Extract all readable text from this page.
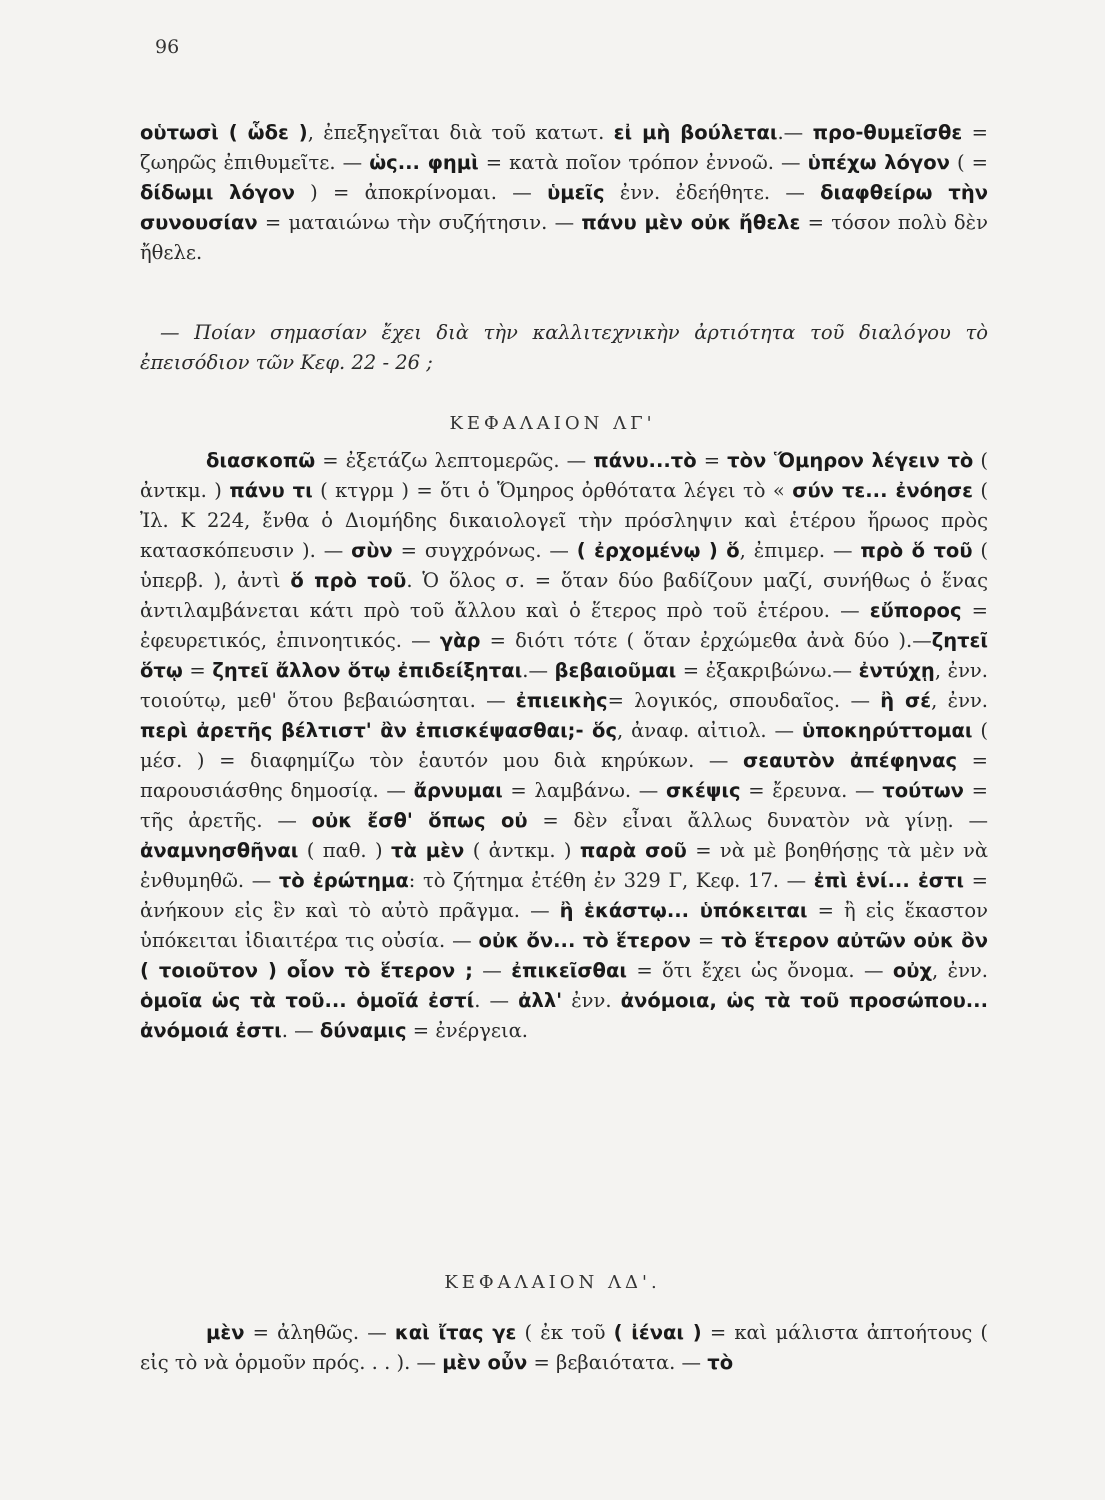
96

οὑτωσὶ ( ὧδε ), ἐπεξηγεῖται διὰ τοῦ κατωτ. εἰ μὴ βούλεται.— προ-θυμεῖσθε = ζωηρῶς ἐπιθυμεῖτε. — ὡς... φημὶ = κατὰ ποῖον τρόπον ἐννοῶ. — ὑπέχω λόγον ( = δίδωμι λόγον ) = ἀποκρίνομαι. — ὑμεῖς ἐνν. ἐδεήθητε. — διαφθείρω τὴν συνουσίαν = ματαιώνω τὴν συζήτησιν. — πάνυ μὲν οὐκ ἤθελε = τόσον πολὺ δὲν ἤθελε.

— Ποίαν σημασίαν ἔχει διὰ τὴν καλλιτεχνικὴν ἀρτιότητα τοῦ διαλόγου τὸ ἐπεισόδιον τῶν Κεφ. 22 - 26 ;

ΚΕΦΑΛΑΙΟΝ ΛΓ'

διασκοπῶ = ἐξετάζω λεπτομερῶς. — πάνυ...τὸ = τὸν Ὅμηρον λέγειν τὸ ( ἀντκμ. ) πάνυ τι ( κτγρμ ) = ὅτι ὁ Ὅμηρος ὀρθότατα λέγει τὸ « σύν τε... ἐνόησε ( Ἰλ. Κ 224, ἔνθα ὁ Διομήδης δικαιολογεῖ τὴν πρόσληψιν καὶ ἑτέρου ἥρωος πρὸς κατασκόπευσιν ). — σὺν = συγχρόνως. — ( ἐρχομένῳ ) ὅ, ἐπιμερ. — πρὸ ὅ τοῦ ( ὑπερβ. ), ἀντὶ ὅ πρὸ τοῦ. Ὁ ὅλος σ. = ὅταν δύο βαδίζουν μαζί, συνήθως ὁ ἕνας ἀντιλαμβάνεται κάτι πρὸ τοῦ ἄλλου καὶ ὁ ἕτερος πρὸ τοῦ ἑτέρου. — εὔπορος = ἐφευρετικός, ἐπινοητικός. — γὰρ = διότι τότε ( ὅταν ἐρχώμεθα ἀνὰ δύο ).—ζητεῖ ὅτῳ = ζητεῖ ἄλλον ὅτῳ ἐπιδείξηται.— βεβαιοῦμαι = ἐξακριβώνω.— ἐντύχῃ, ἐνν. τοιούτῳ, μεθ' ὅτου βεβαιώσηται. — ἐπιεικὴς= λογικός, σπουδαῖος. — ἢ σέ, ἐνν. περὶ ἀρετῆς βέλτιστ' ἂν ἐπισκέψασθαι;- ὅς, ἀναφ. αἰτιολ. — ὑποκηρύττομαι ( μέσ. ) = διαφημίζω τὸν ἑαυτόν μου διὰ κηρύκων. — σεαυτὸν ἀπέφηνας = παρουσιάσθης δημοσίᾳ. — ἄρνυμαι = λαμβάνω. — σκέψις = ἔρευνα. — τούτων = τῆς ἀρετῆς. — οὐκ ἔσθ' ὅπως οὐ = δὲν εἶναι ἄλλως δυνατὸν νὰ γίνῃ. — ἀναμνησθῆναι ( παθ. ) τὰ μὲν ( ἀντκμ. ) παρὰ σοῦ = νὰ μὲ βοηθήσῃς τὰ μὲν νὰ ἐνθυμηθῶ. — τὸ ἐρώτημα: τὸ ζήτημα ἐτέθη ἐν 329 Γ, Κεφ. 17. — ἐπὶ ἑνί... ἐστι = ἀνήκουν εἰς ἓν καὶ τὸ αὐτὸ πρᾶγμα. — ἢ ἑκάστῳ... ὑπόκειται = ἢ εἰς ἕκαστον ὑπόκειται ἰδιαιτέρα τις οὐσία. — οὐκ ὄν... τὸ ἕτερον = τὸ ἕτερον αὐτῶν οὐκ ὂν ( τοιοῦτον ) οἷον τὸ ἕτερον ; — ἐπικεῖσθαι = ὅτι ἔχει ὡς ὄνομα. — οὐχ, ἐνν. ὁμοῖα ὡς τὰ τοῦ... ὁμοῖά ἐστί. — ἀλλ' ἐνν. ἀνόμοια, ὡς τὰ τοῦ προσώπου... ἀνόμοιά ἐστι. — δύναμις = ἐνέργεια.

ΚΕΦΑΛΑΙΟΝ ΛΔ'.

μὲν = ἀληθῶς. — καὶ ἴτας γε ( ἐκ τοῦ ( ἰέναι ) = καὶ μάλιστα ἀπτοήτους ( εἰς τὸ νὰ ὁρμοῦν πρός. . . ). — μὲν οὖν = βεβαιότατα. — τὸ
